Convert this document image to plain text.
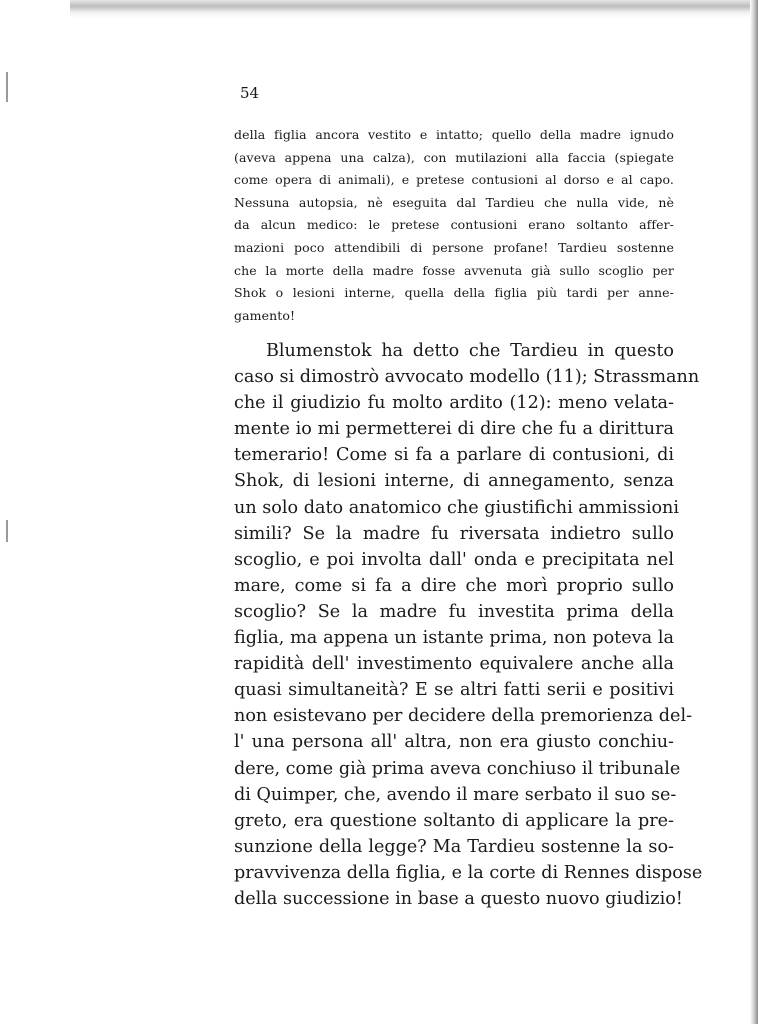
54
della figlia ancora vestito e intatto; quello della madre ignudo
(aveva appena una calza), con mutilazioni alla faccia (spiegate
come opera di animali), e pretese contusioni al dorso e al capo.
Nessuna autopsia, nè eseguita dal Tardieu che nulla vide, nè
da alcun medico: le pretese contusioni erano soltanto affer-
mazioni poco attendibili di persone profane! Tardieu sostenne
che la morte della madre fosse avvenuta già sullo scoglio per
Shok o lesioni interne, quella della figlia più tardi per anne-
gamento!
Blumenstok ha detto che Tardieu in questo
caso si dimostrò avvocato modello (11); Strassmann
che il giudizio fu molto ardito (12): meno velata-
mente io mi permetterei di dire che fu a dirittura
temerario! Come si fa a parlare di contusioni, di
Shok, di lesioni interne, di annegamento, senza
un solo dato anatomico che giustifichi ammissioni
simili? Se la madre fu riversata indietro sullo
scoglio, e poi involta dall' onda e precipitata nel
mare, come si fa a dire che morì proprio sullo
scoglio? Se la madre fu investita prima della
figlia, ma appena un istante prima, non poteva la
rapidità dell' investimento equivalere anche alla
quasi simultaneità? E se altri fatti serii e positivi
non esistevano per decidere della premorienza del-
l' una persona all' altra, non era giusto conchiu-
dere, come già prima aveva conchiuso il tribunale
di Quimper, che, avendo il mare serbato il suo se-
greto, era questione soltanto di applicare la pre-
sunzione della legge? Ma Tardieu sostenne la so-
pravvivenza della figlia, e la corte di Rennes dispose
della successione in base a questo nuovo giudizio!
